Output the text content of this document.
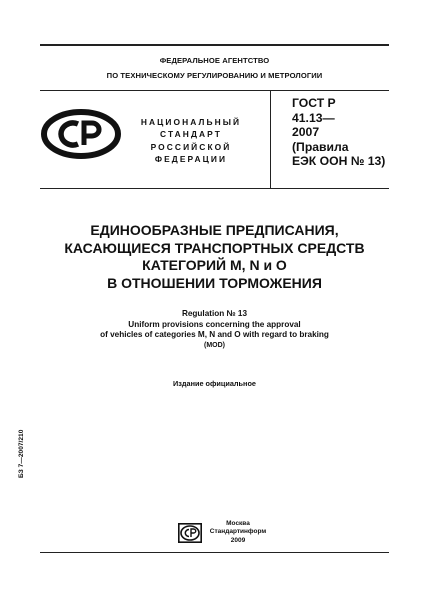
ФЕДЕРАЛЬНОЕ АГЕНТСТВО
ПО ТЕХНИЧЕСКОМУ РЕГУЛИРОВАНИЮ И МЕТРОЛОГИИ
НАЦИОНАЛЬНЫЙ
СТАНДАРТ
РОССИЙСКОЙ
ФЕДЕРАЦИИ
ГОСТ Р
41.13—
2007
(Правила
ЕЭК ООН № 13)
ЕДИНООБРАЗНЫЕ ПРЕДПИСАНИЯ,
КАСАЮЩИЕСЯ ТРАНСПОРТНЫХ СРЕДСТВ
КАТЕГОРИЙ M, N и O
В ОТНОШЕНИИ ТОРМОЖЕНИЯ
Regulation № 13
Uniform provisions concerning the approval
of vehicles of categories M, N and O with regard to braking
(MOD)
Издание официальное
БЗ 7—2007/210
Москва
Стандартинформ
2009
